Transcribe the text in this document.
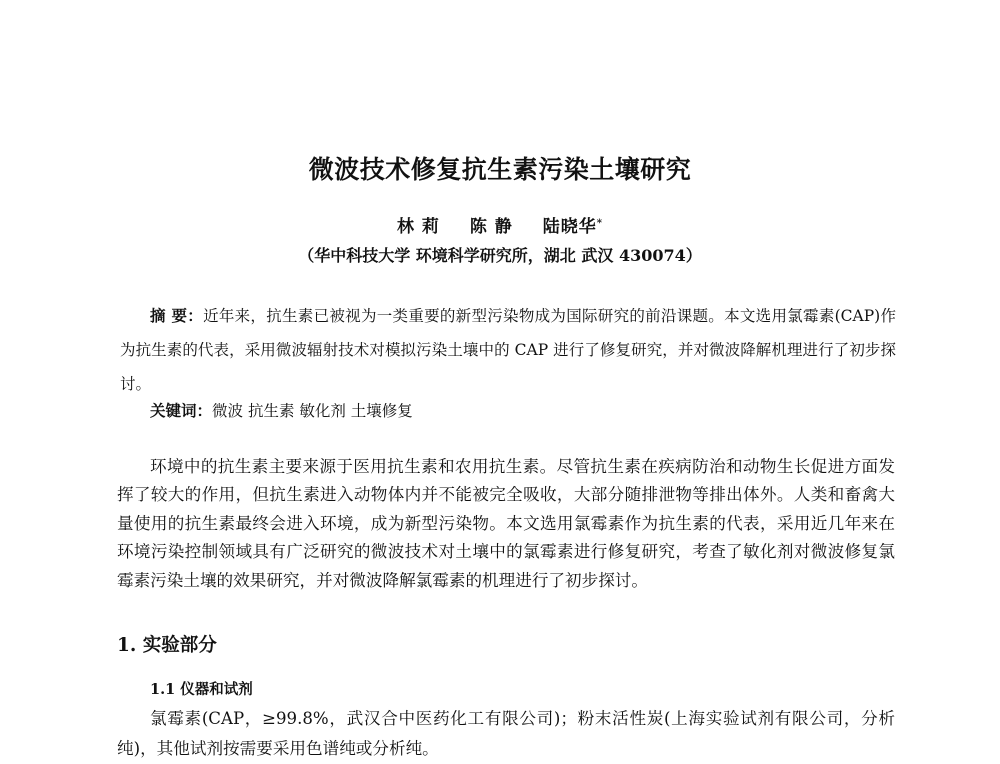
微波技术修复抗生素污染土壤研究
林 莉 陈 静 陆晓华*
（华中科技大学 环境科学研究所，湖北 武汉 430074）
摘 要：近年来，抗生素已被视为一类重要的新型污染物成为国际研究的前沿课题。本文选用氯霉素(CAP)作为抗生素的代表，采用微波辐射技术对模拟污染土壤中的 CAP 进行了修复研究，并对微波降解机理进行了初步探讨。
关键词：微波 抗生素 敏化剂 土壤修复
环境中的抗生素主要来源于医用抗生素和农用抗生素。尽管抗生素在疾病防治和动物生长促进方面发挥了较大的作用，但抗生素进入动物体内并不能被完全吸收，大部分随排泄物等排出体外。人类和畜禽大量使用的抗生素最终会进入环境，成为新型污染物。本文选用氯霉素作为抗生素的代表，采用近几年来在环境污染控制领域具有广泛研究的微波技术对土壤中的氯霉素进行修复研究，考查了敏化剂对微波修复氯霉素污染土壤的效果研究，并对微波降解氯霉素的机理进行了初步探讨。
1. 实验部分
1.1 仪器和试剂
氯霉素(CAP，≥99.8%，武汉合中医药化工有限公司)；粉末活性炭(上海实验试剂有限公司，分析纯)，其他试剂按需要采用色谱纯或分析纯。
